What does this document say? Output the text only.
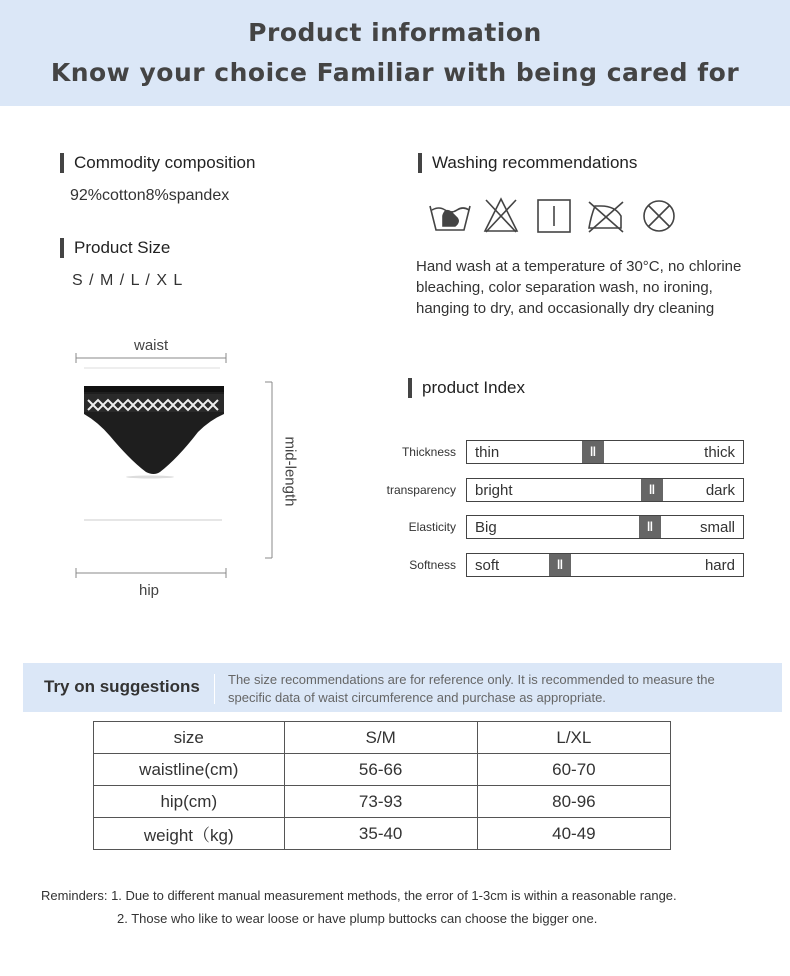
Product information
Know your choice Familiar with being cared for
Commodity composition
92%cotton8%spandex
Product Size
S / M / L / X L
waist
hip
mid-length
Washing recommendations
Hand wash at a temperature of 30°C, no chlorine bleaching, color separation wash, no ironing, hanging to dry, and occasionally dry cleaning
product Index
Thickness thin	‖	thick
transparency bright	‖	dark
Elasticity Big	‖	small
Softness soft	‖	hard
Try on suggestions The size recommendations are for reference only. It is recommended to measure the specific data of waist circumference and purchase as appropriate.
size	S/M	L/XL
waistline(cm)	56-66	60-70
hip(cm)	73-93	80-96
weight（kg)	35-40	40-49
Reminders: 1. Due to different manual measurement methods, the error of 1-3cm is within a reasonable range.
2. Those who like to wear loose or have plump buttocks can choose the bigger one.
